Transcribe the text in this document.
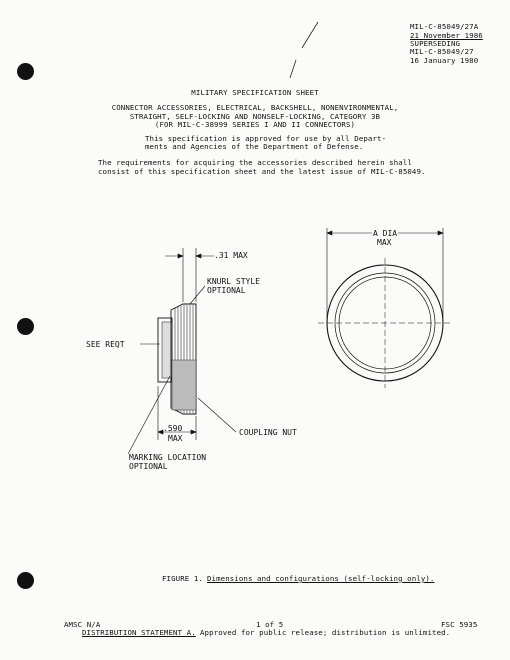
MIL-C-85049/27A
21 November 1986
SUPERSEDING
MIL-C-85049/27
16 January 1980
MILITARY SPECIFICATION SHEET
CONNECTOR ACCESSORIES, ELECTRICAL, BACKSHELL, NONENVIRONMENTAL,
STRAIGHT, SELF-LOCKING AND NONSELF-LOCKING, CATEGORY 3B
(FOR MIL-C-38999 SERIES I AND II CONNECTORS)
This specification is approved for use by all Depart-
ments and Agencies of the Department of Defense.
The requirements for acquiring the accessories described herein shall
consist of this specification sheet and the latest issue of MIL-C-85049.
.31 MAX
KNURL STYLE
OPTIONAL
SEE REQT
COUPLING NUT
.590
MAX
MARKING LOCATION
OPTIONAL
A DIA
MAX
FIGURE 1. Dimensions and configurations (self-locking only).
AMSC N/A	1 of 5	FSC 5935
DISTRIBUTION STATEMENT A. Approved for public release; distribution is unlimited.
